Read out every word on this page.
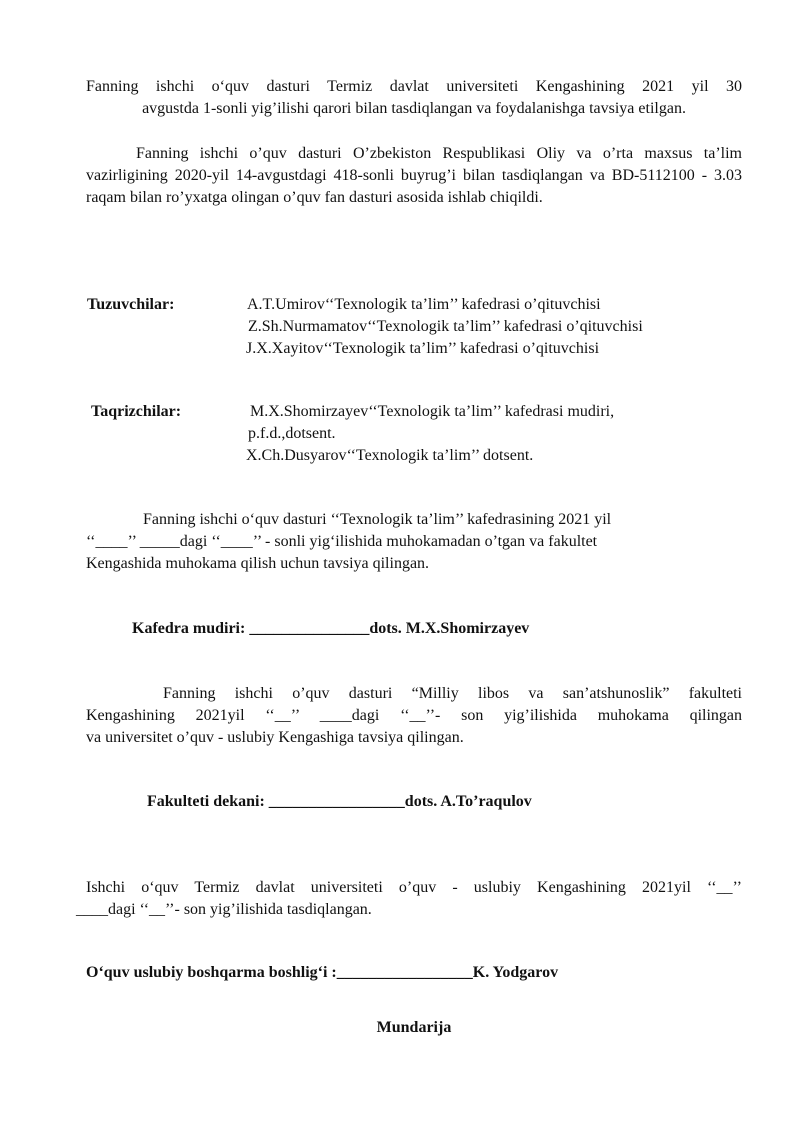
Fanning ishchi o‘quv dasturi Termiz davlat universiteti Kengashining 2021 yil 30
avgustda 1-sonli yig’ilishi qarori bilan tasdiqlangan va foydalanishga tavsiya etilgan.

Fanning ishchi o’quv dasturi O’zbekiston Respublikasi Oliy va o’rta maxsus ta’lim vazirligining 2020-yil 14-avgustdagi 418-sonli buyrug’i bilan tasdiqlangan va BD-5112100 - 3.03 raqam bilan ro’yxatga olingan o’quv fan dasturi asosida ishlab chiqildi.

Tuzuvchilar:	A.T.Umirov‘‘Texnologik ta’lim’’ kafedrasi o’qituvchisi
Z.Sh.Nurmamatov‘‘Texnologik ta’lim’’ kafedrasi o’qituvchisi
J.X.Xayitov‘‘Texnologik ta’lim’’ kafedrasi o’qituvchisi
Taqrizchilar:	M.X.Shomirzayev‘‘Texnologik ta’lim’’ kafedrasi mudiri,
p.f.d.,dotsent.
X.Ch.Dusyarov‘‘Texnologik ta’lim’’ dotsent.
Fanning ishchi o‘quv dasturi ‘‘Texnologik ta’lim’’ kafedrasining 2021 yil
‘‘____’’ _____dagi ‘‘____’’ - sonli yig‘ilishida muhokamadan o’tgan va fakultet
Kengashida muhokama qilish uchun tavsiya qilingan.
Kafedra mudiri: _______________dots. M.X.Shomirzayev
Fanning ishchi o’quv dasturi “Milliy libos va san’atshunoslik” fakulteti
Kengashining 2021yil ‘‘__’’ ____dagi ‘‘__’’- son yig’ilishida muhokama qilingan
va universitet o’quv - uslubiy Kengashiga tavsiya qilingan.
Fakulteti dekani: _________________dots. A.To’raqulov
Ishchi o‘quv Termiz davlat universiteti o’quv - uslubiy Kengashining 2021yil ‘‘__’’
____dagi ‘‘__’’- son yig’ilishida tasdiqlangan.
O‘quv uslubiy boshqarma boshlig‘i :_________________K. Yodgarov
Mundarija
